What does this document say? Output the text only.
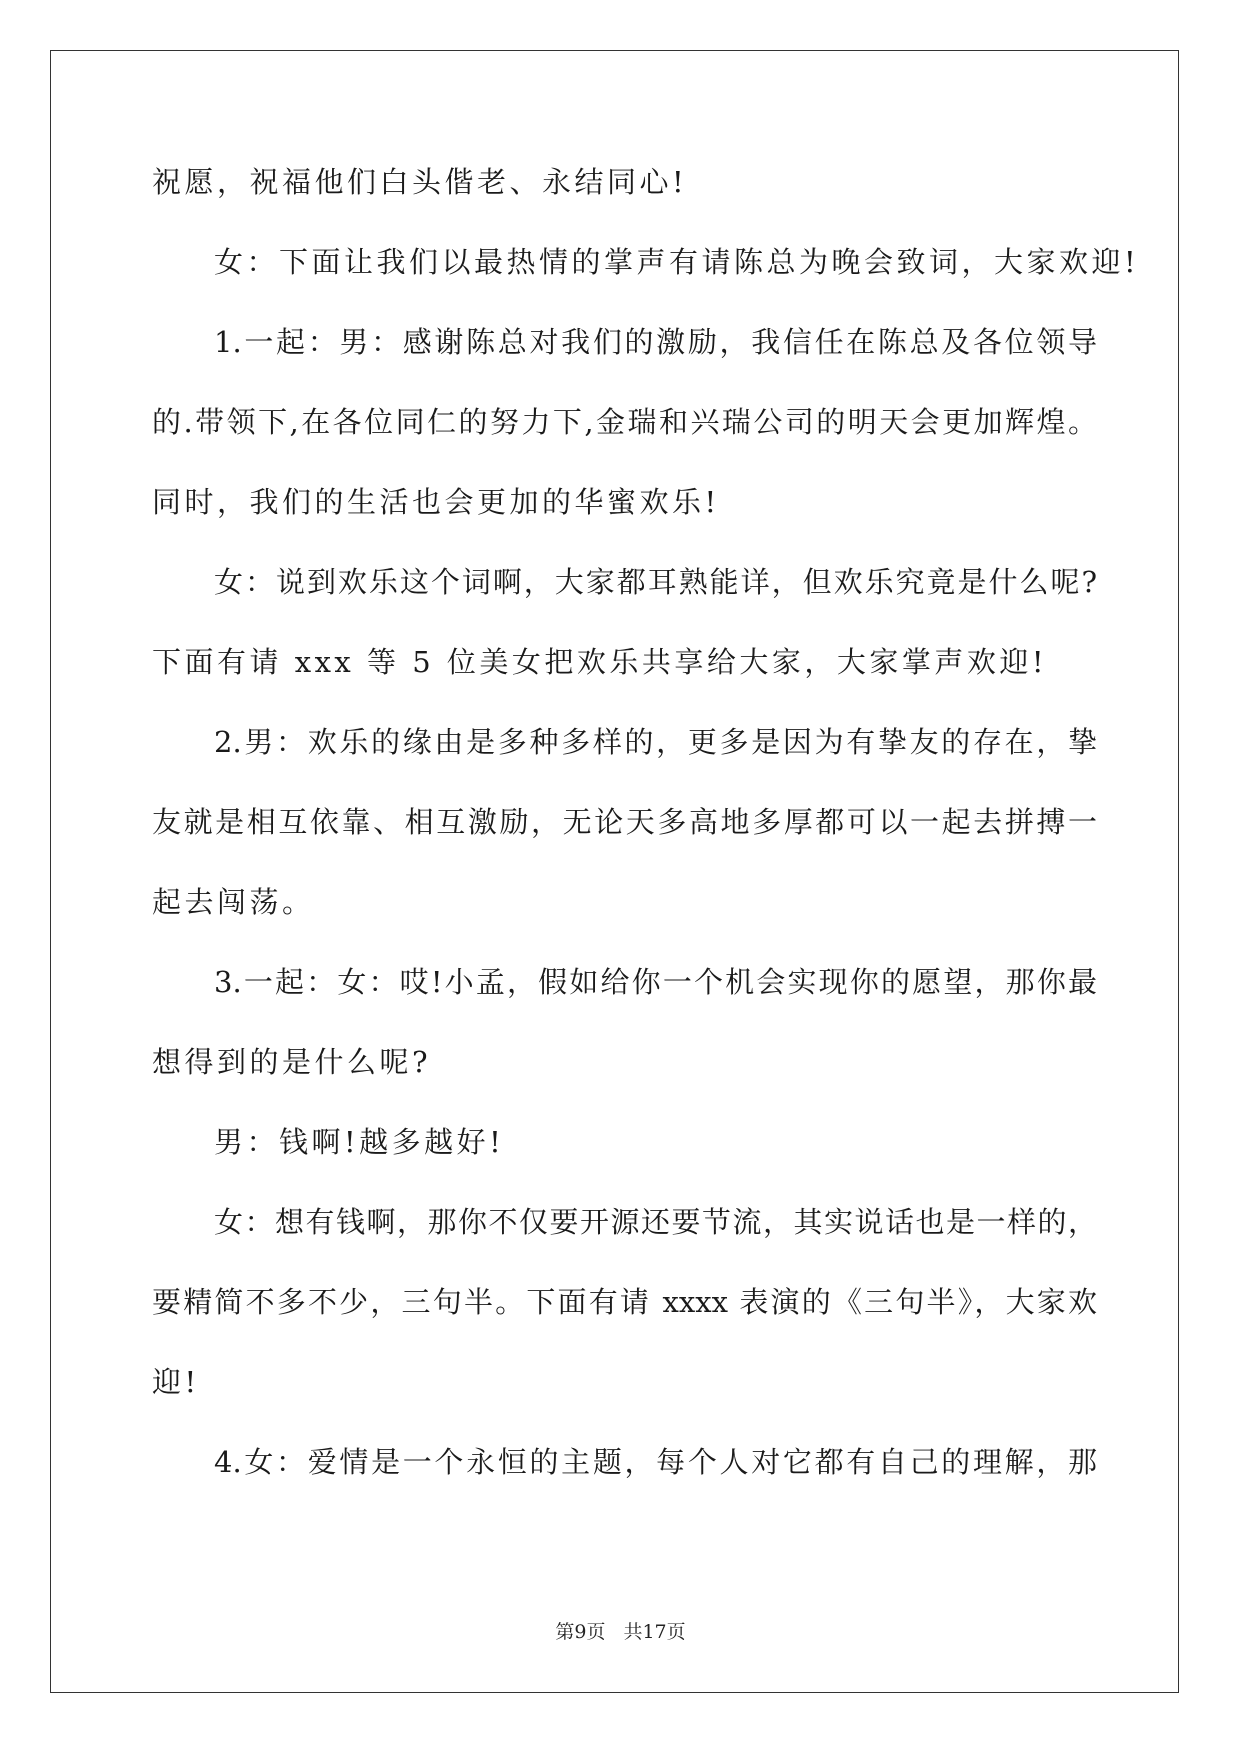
祝愿，祝福他们白头偕老、永结同心!
女：下面让我们以最热情的掌声有请陈总为晚会致词，大家欢迎!
1.一起：男：感谢陈总对我们的激励，我信任在陈总及各位领导
的.带领下,在各位同仁的努力下,金瑞和兴瑞公司的明天会更加辉煌。
同时，我们的生活也会更加的华蜜欢乐!
女：说到欢乐这个词啊，大家都耳熟能详，但欢乐究竟是什么呢?
下面有请 xxx 等 5 位美女把欢乐共享给大家，大家掌声欢迎!
2.男：欢乐的缘由是多种多样的，更多是因为有挚友的存在，挚
友就是相互依靠、相互激励，无论天多高地多厚都可以一起去拼搏一
起去闯荡。
3.一起：女：哎!小孟，假如给你一个机会实现你的愿望，那你最
想得到的是什么呢?
男：钱啊!越多越好!
女：想有钱啊，那你不仅要开源还要节流，其实说话也是一样的，
要精简不多不少，三句半。下面有请 xxxx 表演的《三句半》，大家欢
迎!
4.女：爱情是一个永恒的主题，每个人对它都有自己的理解，那
第9页 共17页
